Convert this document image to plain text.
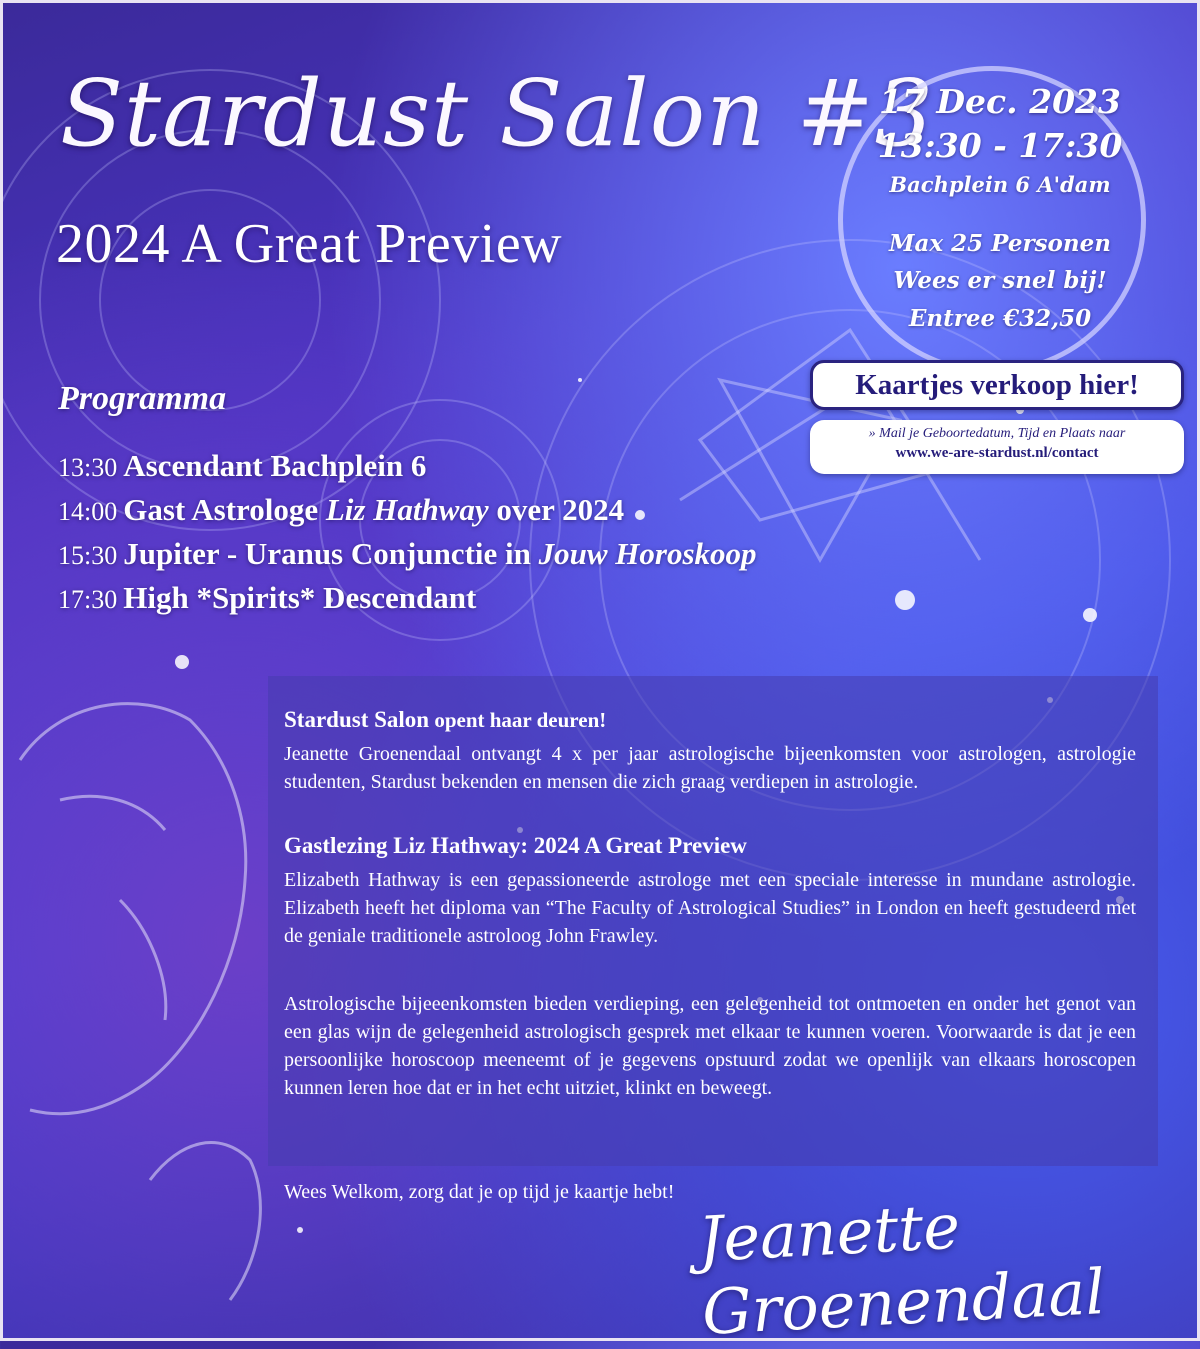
Stardust Salon #3
2024 A Great Preview
17 Dec. 2023
13:30 - 17:30
Bachplein 6 A'dam
Max 25 Personen
Wees er snel bij!
Entree €32,50
Kaartjes verkoop hier!
» Mail je Geboortedatum, Tijd en Plaats naar
www.we-are-stardust.nl/contact
Programma
13:30 Ascendant Bachplein 6
14:00 Gast Astrologe Liz Hathway over 2024
15:30 Jupiter - Uranus Conjunctie in Jouw Horoskoop
17:30 High *Spirits* Descendant
Stardust Salon opent haar deuren!
Jeanette Groenendaal ontvangt 4 x per jaar astrologische bijeenkomsten voor astrologen, astrologie studenten, Stardust bekenden en mensen die zich graag verdiepen in astrologie.
Gastlezing Liz Hathway: 2024 A Great Preview
Elizabeth Hathway is een gepassioneerde astrologe met een speciale interesse in mundane astrologie. Elizabeth heeft het diploma van “The Faculty of Astrological Studies” in London en heeft gestudeerd met de geniale traditionele astroloog John Frawley.
Astrologische bijeeenkomsten bieden verdieping, een gelegenheid tot ontmoeten en onder het genot van een glas wijn de gelegenheid astrologisch gesprek met elkaar te kunnen voeren. Voorwaarde is dat je een persoonlijke horoscoop meeneemt of je gegevens opstuurd zodat we openlijk van elkaars horoscopen kunnen leren hoe dat er in het echt uitziet, klinkt en beweegt.
Wees Welkom, zorg dat je op tijd je kaartje hebt! Jeanette Groenendaal
